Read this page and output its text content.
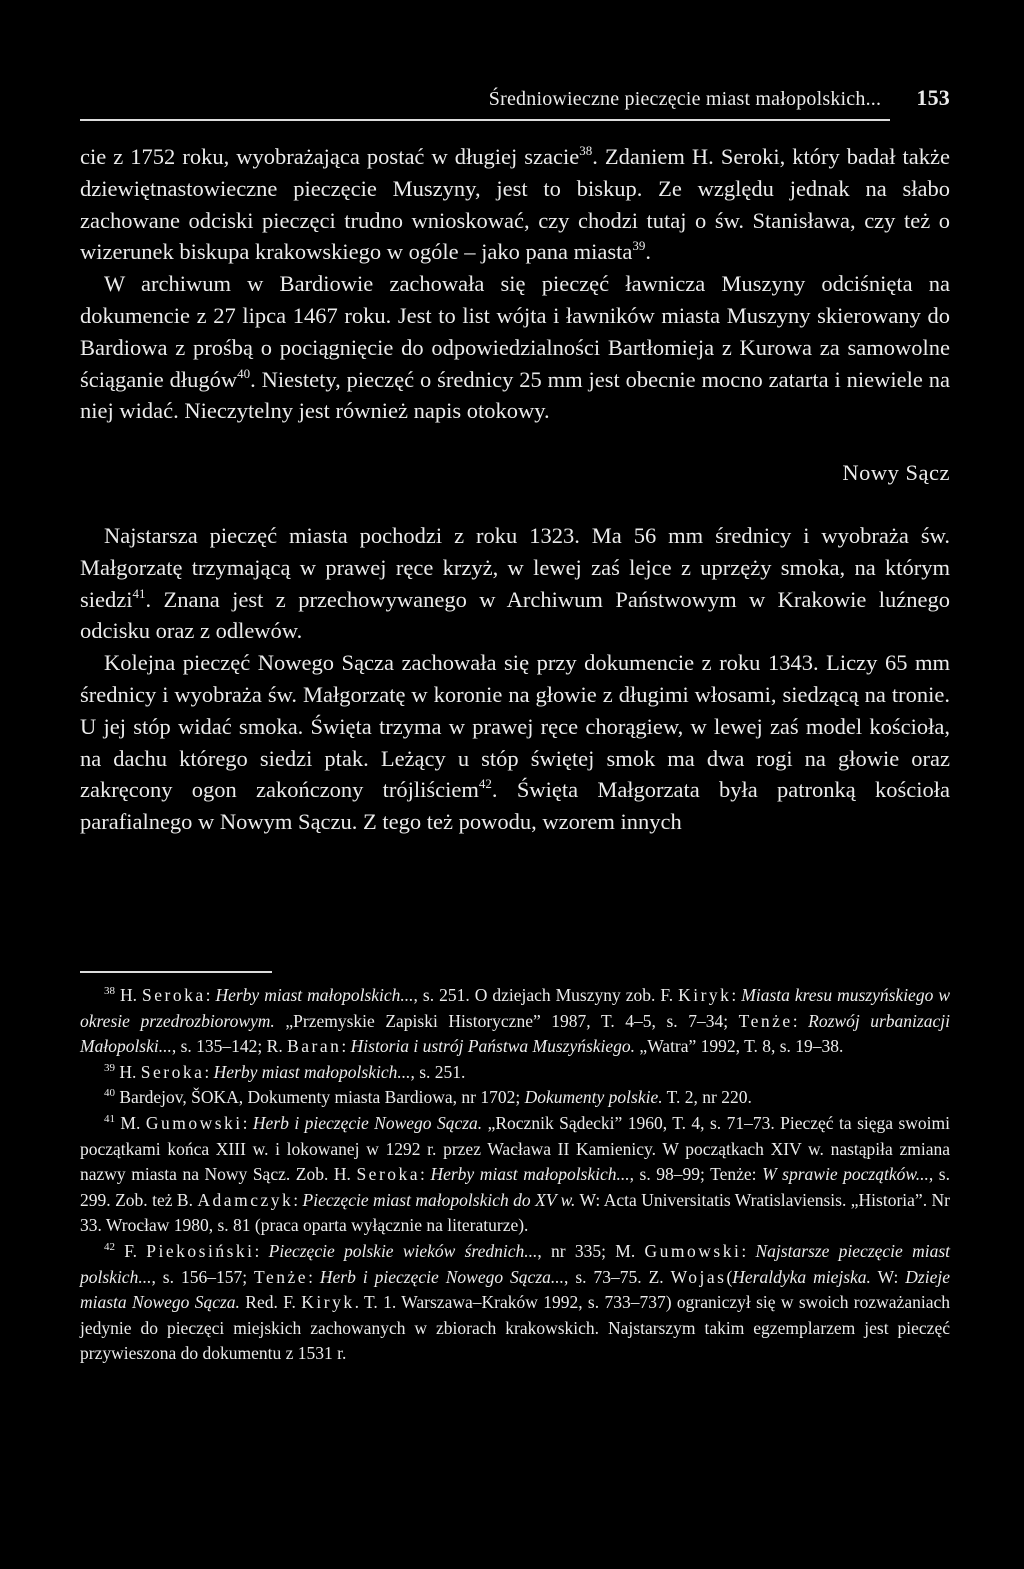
Średniowieczne pieczęcie miast małopolskich... 153

cie z 1752 roku, wyobrażająca postać w długiej szacie$^{38}$. Zdaniem H. Seroki, który badał także dziewiętnastowieczne pieczęcie Muszyny, jest to biskup. Ze względu jednak na słabo zachowane odciski pieczęci trudno wnioskować, czy chodzi tutaj o św. Stanisława, czy też o wizerunek biskupa krakowskiego w ogóle – jako pana miasta$^{39}$.

W archiwum w Bardiowie zachowała się pieczęć ławnicza Muszyny odciśnięta na dokumencie z 27 lipca 1467 roku. Jest to list wójta i ławników miasta Muszyny skierowany do Bardiowa z prośbą o pociągnięcie do odpowiedzialności Bartłomieja z Kurowa za samowolne ściąganie długów$^{40}$. Niestety, pieczęć o średnicy 25 mm jest obecnie mocno zatarta i niewiele na niej widać. Nieczytelny jest również napis otokowy.

Nowy Sącz

Najstarsza pieczęć miasta pochodzi z roku 1323. Ma 56 mm średnicy i wyobraża św. Małgorzatę trzymającą w prawej ręce krzyż, w lewej zaś lejce z uprzęży smoka, na którym siedzi$^{41}$. Znana jest z przechowywanego w Archiwum Państwowym w Krakowie luźnego odcisku oraz z odlewów.

Kolejna pieczęć Nowego Sącza zachowała się przy dokumencie z roku 1343. Liczy 65 mm średnicy i wyobraża św. Małgorzatę w koronie na głowie z długimi włosami, siedzącą na tronie. U jej stóp widać smoka. Święta trzyma w prawej ręce chorągiew, w lewej zaś model kościoła, na dachu którego siedzi ptak. Leżący u stóp świętej smok ma dwa rogi na głowie oraz zakręcony ogon zakończony trójliściem$^{42}$. Święta Małgorzata była patronką kościoła parafialnego w Nowym Sączu. Z tego też powodu, wzorem innych

$^{38}$ H. Seroka: Herby miast małopolskich..., s. 251. O dziejach Muszyny zob. F. Kiryk: Miasta kresu muszyńskiego w okresie przedrozbiorowym. „Przemyskie Zapiski Historyczne” 1987, T. 4–5, s. 7–34; Tenże: Rozwój urbanizacji Małopolski..., s. 135–142; R. Baran: Historia i ustrój Państwa Muszyńskiego. „Watra” 1992, T. 8, s. 19–38.

$^{39}$ H. Seroka: Herby miast małopolskich..., s. 251.

$^{40}$ Bardejov, ŠOKA, Dokumenty miasta Bardiowa, nr 1702; Dokumenty polskie. T. 2, nr 220.

$^{41}$ M. Gumowski: Herb i pieczęcie Nowego Sącza. „Rocznik Sądecki” 1960, T. 4, s. 71–73. Pieczęć ta sięga swoimi początkami końca XIII w. i lokowanej w 1292 r. przez Wacława II Kamienicy. W początkach XIV w. nastąpiła zmiana nazwy miasta na Nowy Sącz. Zob. H. Seroka: Herby miast małopolskich..., s. 98–99; Tenże: W sprawie początków..., s. 299. Zob. też B. Adamczyk: Pieczęcie miast małopolskich do XV w. W: Acta Universitatis Wratislaviensis. „Historia”. Nr 33. Wrocław 1980, s. 81 (praca oparta wyłącznie na literaturze).

$^{42}$ F. Piekosiński: Pieczęcie polskie wieków średnich..., nr 335; M. Gumowski: Najstarsze pieczęcie miast polskich..., s. 156–157; Tenże: Herb i pieczęcie Nowego Sącza..., s. 73–75. Z. Wojas(Heraldyka miejska. W: Dzieje miasta Nowego Sącza. Red. F. Kiryk. T. 1. Warszawa–Kraków 1992, s. 733–737) ograniczył się w swoich rozważaniach jedynie do pieczęci miejskich zachowanych w zbiorach krakowskich. Najstarszym takim egzemplarzem jest pieczęć przywieszona do dokumentu z 1531 r.
